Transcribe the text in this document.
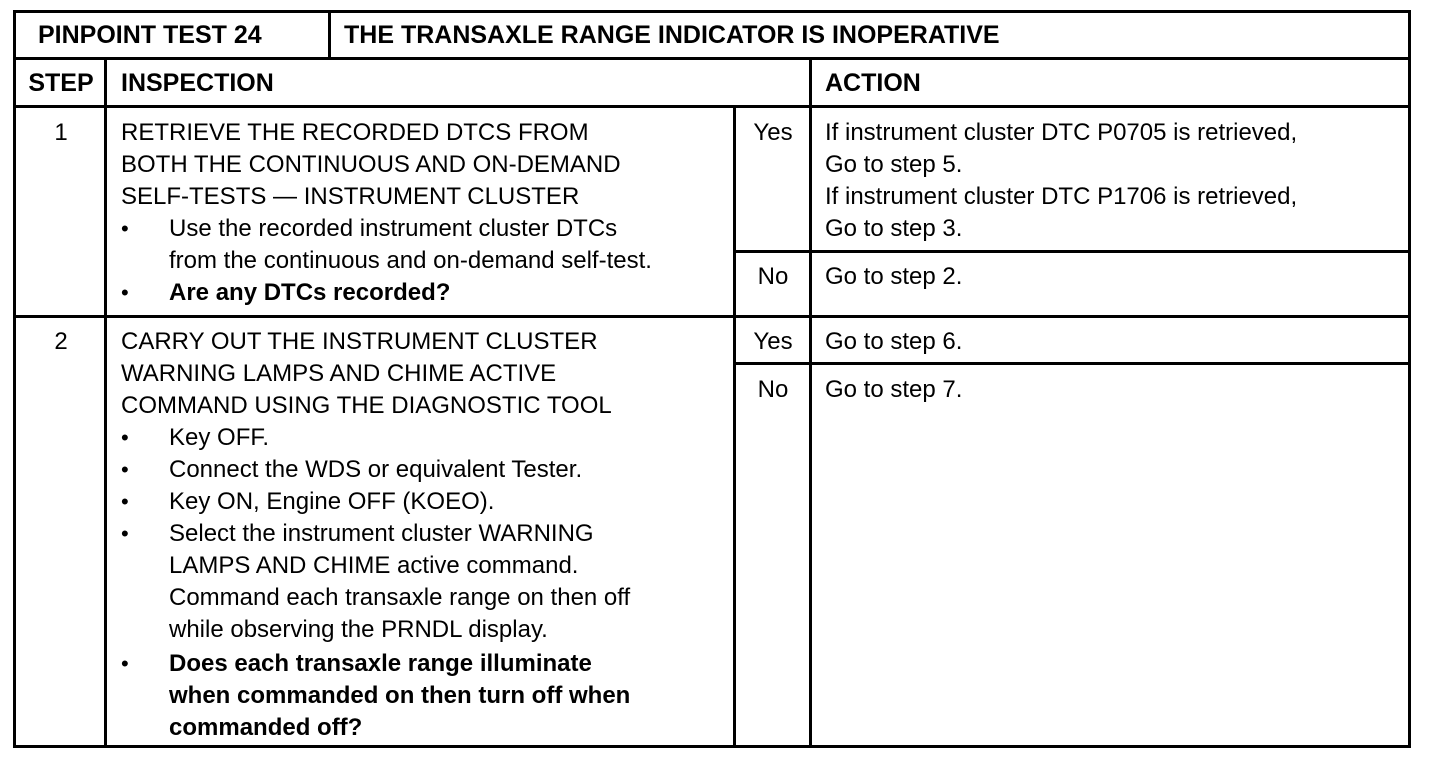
PINPOINT TEST 24	THE TRANSAXLE RANGE INDICATOR IS INOPERATIVE
STEP	INSPECTION	ACTION
1	RETRIEVE THE RECORDED DTCS FROM
BOTH THE CONTINUOUS AND ON-DEMAND
SELF-TESTS — INSTRUMENT CLUSTER
• Use the recorded instrument cluster DTCs
from the continuous and on-demand self-test.
• Are any DTCs recorded?
Yes	If instrument cluster DTC P0705 is retrieved,
Go to step 5.
If instrument cluster DTC P1706 is retrieved,
Go to step 3.
No	Go to step 2.
2	CARRY OUT THE INSTRUMENT CLUSTER
WARNING LAMPS AND CHIME ACTIVE
COMMAND USING THE DIAGNOSTIC TOOL
• Key OFF.
• Connect the WDS or equivalent Tester.
• Key ON, Engine OFF (KOEO).
• Select the instrument cluster WARNING
LAMPS AND CHIME active command.
Command each transaxle range on then off
while observing the PRNDL display.
• Does each transaxle range illuminate
when commanded on then turn off when
commanded off?
Yes	Go to step 6.
No	Go to step 7.
